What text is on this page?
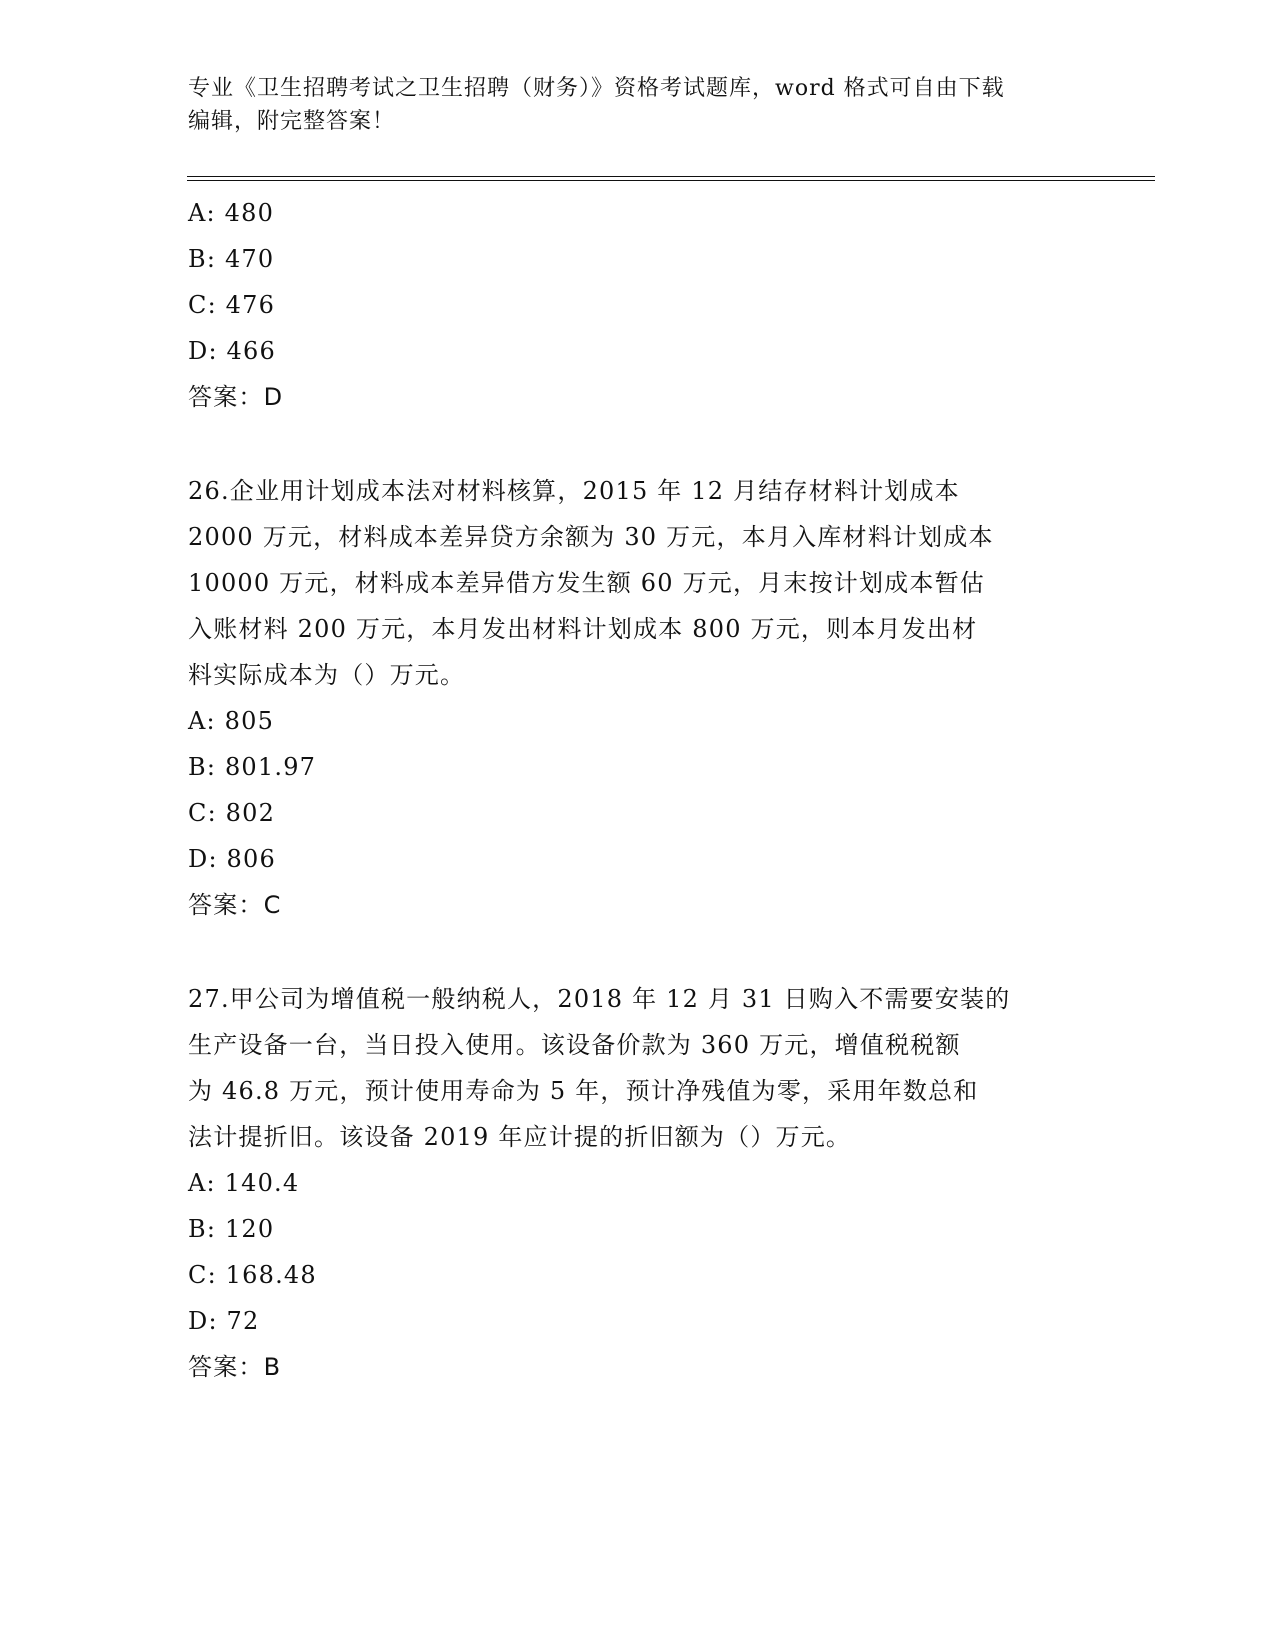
专业《卫生招聘考试之卫生招聘（财务）》资格考试题库，word 格式可自由下载
编辑，附完整答案！
A: 480
B: 470
C: 476
D: 466
答案：D
26.企业用计划成本法对材料核算，2015 年 12 月结存材料计划成本
2000 万元，材料成本差异贷方余额为 30 万元，本月入库材料计划成本
10000 万元，材料成本差异借方发生额 60 万元，月末按计划成本暂估
入账材料 200 万元，本月发出材料计划成本 800 万元，则本月发出材
料实际成本为（）万元。
A: 805
B: 801.97
C: 802
D: 806
答案：C
27.甲公司为增值税一般纳税人，2018 年 12 月 31 日购入不需要安装的
生产设备一台，当日投入使用。该设备价款为 360 万元，增值税税额
为 46.8 万元，预计使用寿命为 5 年，预计净残值为零，采用年数总和
法计提折旧。该设备 2019 年应计提的折旧额为（）万元。
A: 140.4
B: 120
C: 168.48
D: 72
答案：B
